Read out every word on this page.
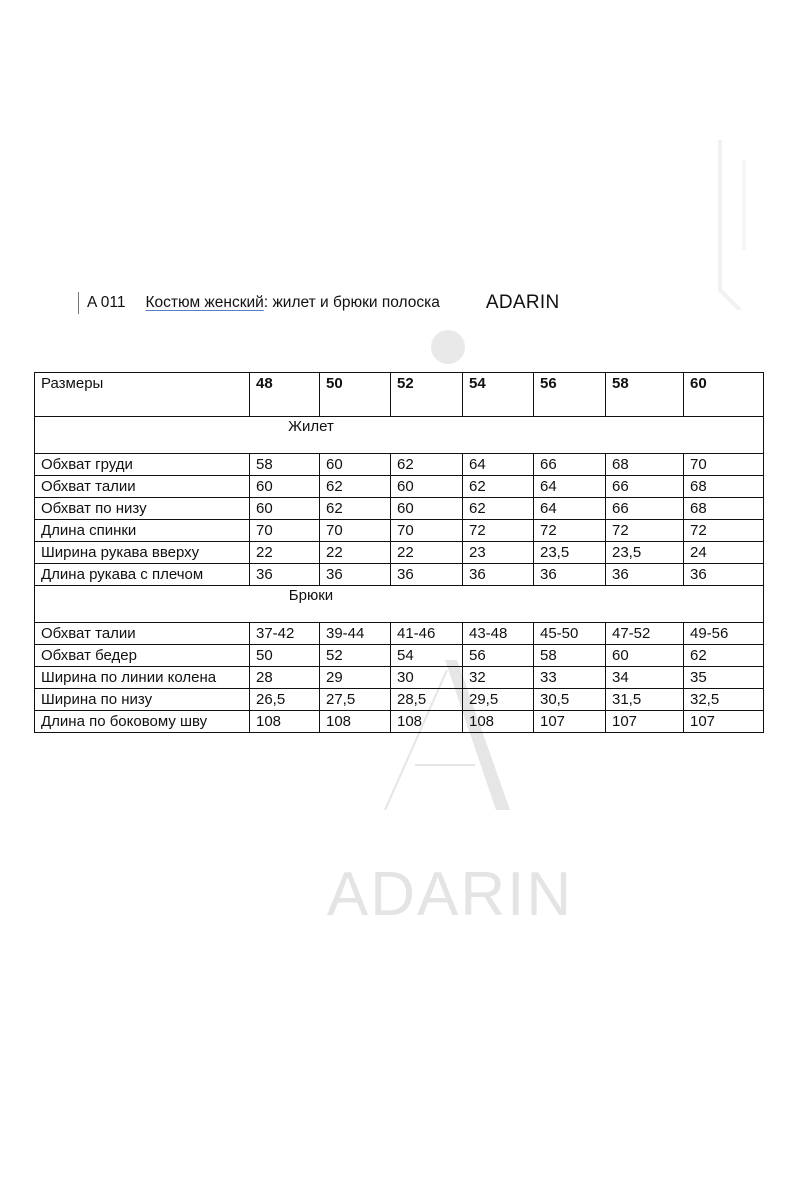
ADARIN
A 011 Костюм женский : жилет и брюки полоска ADARIN
Размеры	48	50	52	54	56	58	60
Жилет							
Обхват груди	58	60	62	64	66	68	70
Обхват талии	60	62	60	62	64	66	68
Обхват по низу	60	62	60	62	64	66	68
Длина спинки	70	70	70	72	72	72	72
Ширина рукава вверху	22	22	22	23	23,5	23,5	24
Длина рукава с плечом	36	36	36	36	36	36	36
Брюки							
Обхват талии	37-42	39-44	41-46	43-48	45-50	47-52	49-56
Обхват бедер	50	52	54	56	58	60	62
Ширина по линии колена	28	29	30	32	33	34	35
Ширина по низу	26,5	27,5	28,5	29,5	30,5	31,5	32,5
Длина по боковому шву	108	108	108	108	107	107	107
